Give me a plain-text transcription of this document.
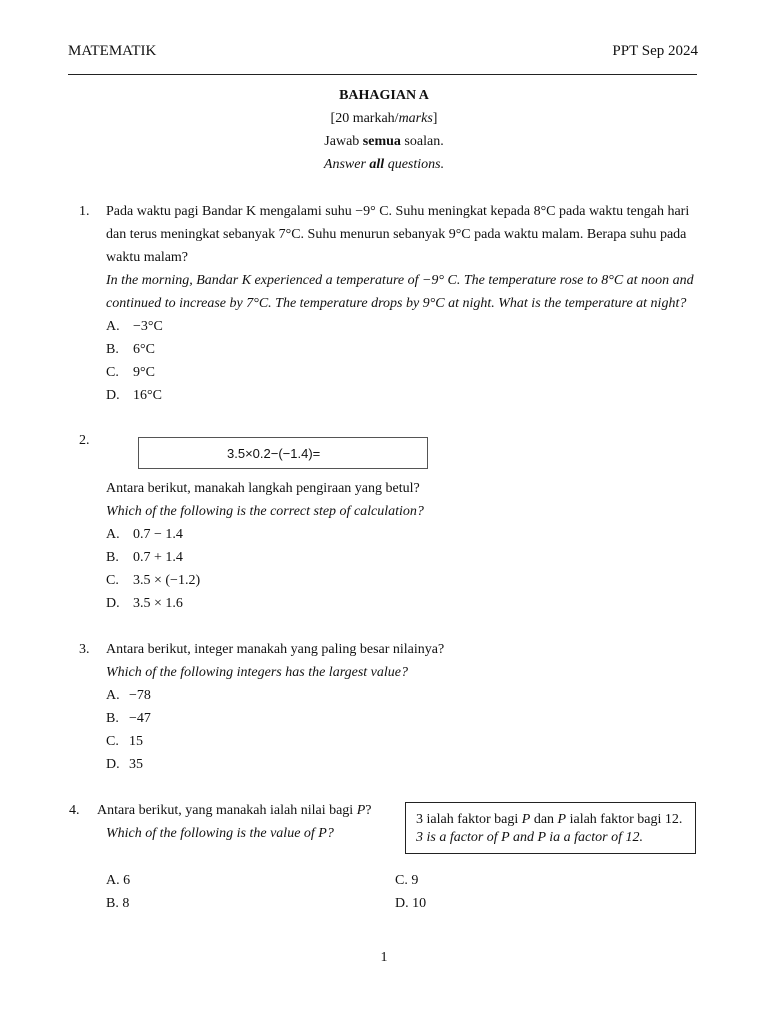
MATEMATIK	PPT Sep 2024
BAHAGIAN A
[20 markah/marks]
Jawab semua soalan.
Answer all questions.
1. Pada waktu pagi Bandar K mengalami suhu −9° C. Suhu meningkat kepada 8°C pada waktu tengah hari
dan terus meningkat sebanyak 7°C. Suhu menurun sebanyak 9°C pada waktu malam. Berapa suhu pada
waktu malam?
In the morning, Bandar K experienced a temperature of −9° C. The temperature rose to 8°C at noon and
continued to increase by 7°C. The temperature drops by 9°C at night. What is the temperature at night?
A. −3°C
B. 6°C
C. 9°C
D. 16°C
2.
3.5×0.2−(−1.4)=
Antara berikut, manakah langkah pengiraan yang betul?
Which of the following is the correct step of calculation?
A. 0.7 − 1.4
B. 0.7 + 1.4
C. 3.5 × (−1.2)
D. 3.5 × 1.6
3. Antara berikut, integer manakah yang paling besar nilainya?
Which of the following integers has the largest value?
A. −78
B. −47
C. 15
D. 35
4. Antara berikut, yang manakah ialah nilai bagi P?
Which of the following is the value of P?
3 ialah faktor bagi P dan P ialah faktor bagi 12.
3 is a factor of P and P ia a factor of 12.
A. 6	C. 9
B. 8	D. 10
1
